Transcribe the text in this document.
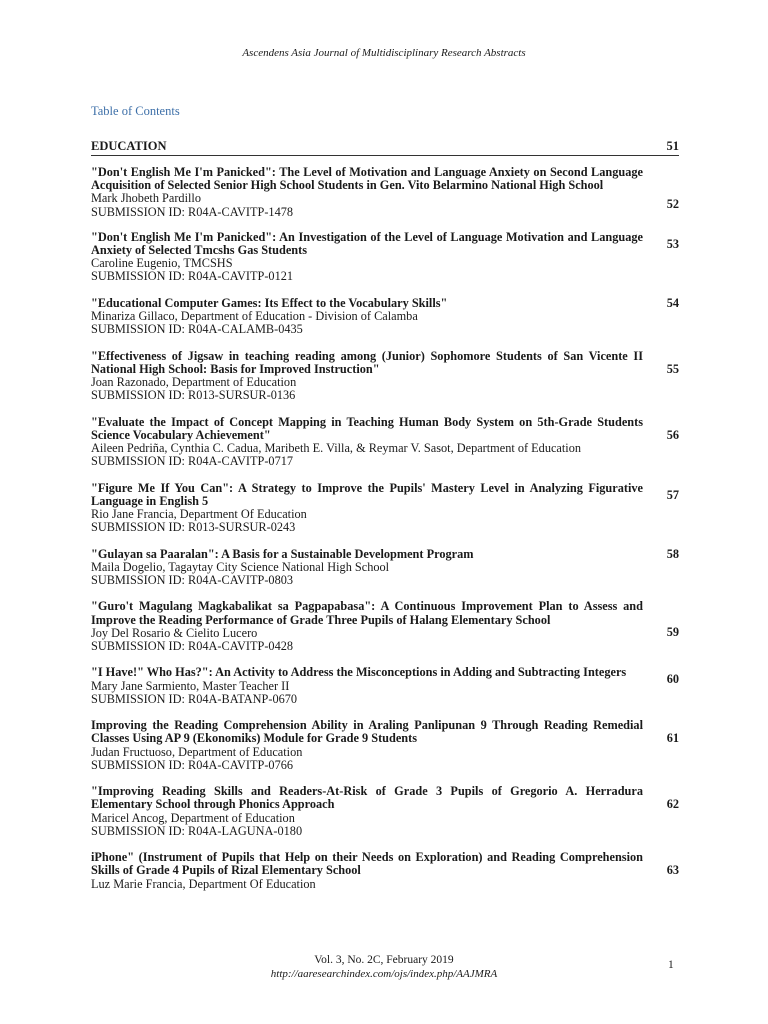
Ascendens Asia Journal of Multidisciplinary Research Abstracts
Table of Contents
EDUCATION	51
"Don't English Me I'm Panicked": The Level of Motivation and Language Anxiety on Second Language Acquisition of Selected Senior High School Students in Gen. Vito Belarmino National High School
Mark Jhobeth Pardillo
SUBMISSION ID: R04A-CAVITP-1478
52
"Don't English Me I'm Panicked": An Investigation of the Level of Language Motivation and Language Anxiety of Selected Tmcshs Gas Students
Caroline Eugenio, TMCSHS
SUBMISSION ID: R04A-CAVITP-0121
53
"Educational Computer Games: Its Effect to the Vocabulary Skills"
Minariza Gillaco, Department of Education - Division of Calamba
SUBMISSION ID: R04A-CALAMB-0435
54
"Effectiveness of Jigsaw in teaching reading among (Junior) Sophomore Students of San Vicente II National High School: Basis for Improved Instruction"
Joan Razonado, Department of Education
SUBMISSION ID: R013-SURSUR-0136
55
"Evaluate the Impact of Concept Mapping in Teaching Human Body System on 5th-Grade Students Science Vocabulary Achievement"
Aileen Pedriña, Cynthia C. Cadua, Maribeth E. Villa, & Reymar V. Sasot, Department of Education
SUBMISSION ID: R04A-CAVITP-0717
56
"Figure Me If You Can": A Strategy to Improve the Pupils' Mastery Level in Analyzing Figurative Language in English 5
Rio Jane Francia, Department Of Education
SUBMISSION ID: R013-SURSUR-0243
57
"Gulayan sa Paaralan": A Basis for a Sustainable Development Program
Maila Dogelio, Tagaytay City Science National High School
SUBMISSION ID: R04A-CAVITP-0803
58
"Guro't Magulang Magkabalikat sa Pagpapabasa": A Continuous Improvement Plan to Assess and Improve the Reading Performance of Grade Three Pupils of Halang Elementary School
Joy Del Rosario & Cielito Lucero
SUBMISSION ID: R04A-CAVITP-0428
59
"I Have!" Who Has?": An Activity to Address the Misconceptions in Adding and Subtracting Integers
Mary Jane Sarmiento, Master Teacher II
SUBMISSION ID: R04A-BATANP-0670
60
Improving the Reading Comprehension Ability in Araling Panlipunan 9 Through Reading Remedial Classes Using AP 9 (Ekonomiks) Module for Grade 9 Students
Judan Fructuoso, Department of Education
SUBMISSION ID: R04A-CAVITP-0766
61
"Improving Reading Skills and Readers-At-Risk of Grade 3 Pupils of Gregorio A. Herradura Elementary School through Phonics Approach
Maricel Ancog, Department of Education
SUBMISSION ID: R04A-LAGUNA-0180
62
iPhone" (Instrument of Pupils that Help on their Needs on Exploration) and Reading Comprehension Skills of Grade 4 Pupils of Rizal Elementary School
Luz Marie Francia, Department Of Education
63
Vol. 3, No. 2C, February 2019
http://aaresearchindex.com/ojs/index.php/AAJMRA
1
